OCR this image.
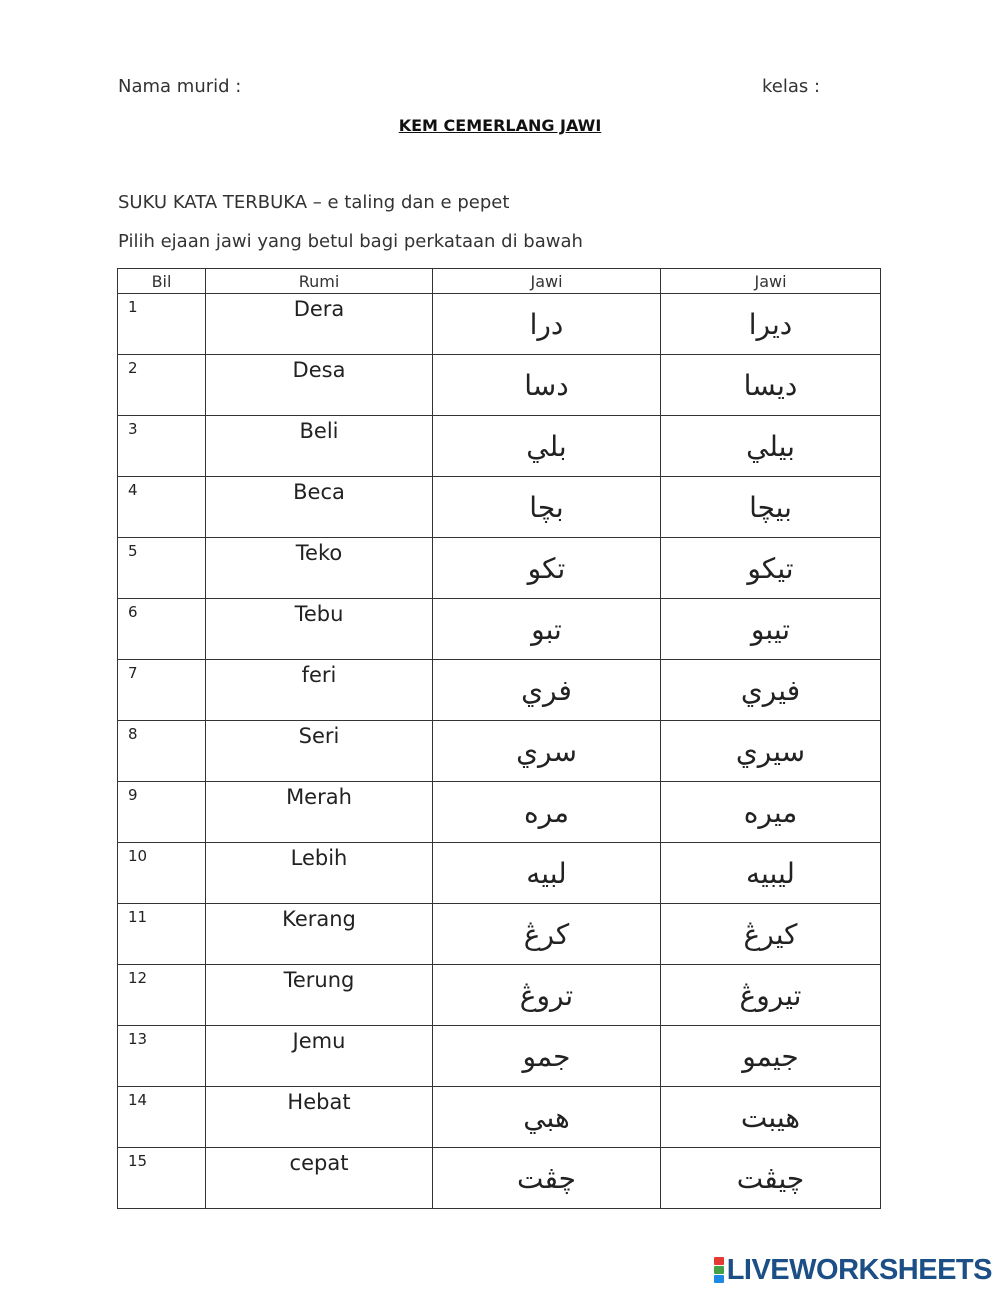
Nama murid :	kelas :
KEM CEMERLANG JAWI
SUKU KATA TERBUKA – e taling dan e pepet
Pilih ejaan jawi yang betul bagi perkataan di bawah
Bil	Rumi	Jawi	Jawi
1	Dera	درا	ديرا
2	Desa	دسا	ديسا
3	Beli	بلي	بيلي
4	Beca	بچا	بيچا
5	Teko	تكو	تيكو
6	Tebu	تبو	تيبو
7	feri	فري	فيري
8	Seri	سري	سيري
9	Merah	مره	ميره
10	Lebih	لبيه	ليبيه
11	Kerang	كرڠ	كيرڠ
12	Terung	تروڠ	تيروڠ
13	Jemu	جمو	جيمو
14	Hebat	هبي	هيبت
15	cepat	چڤت	چيڤت
LIVEWORKSHEETS
